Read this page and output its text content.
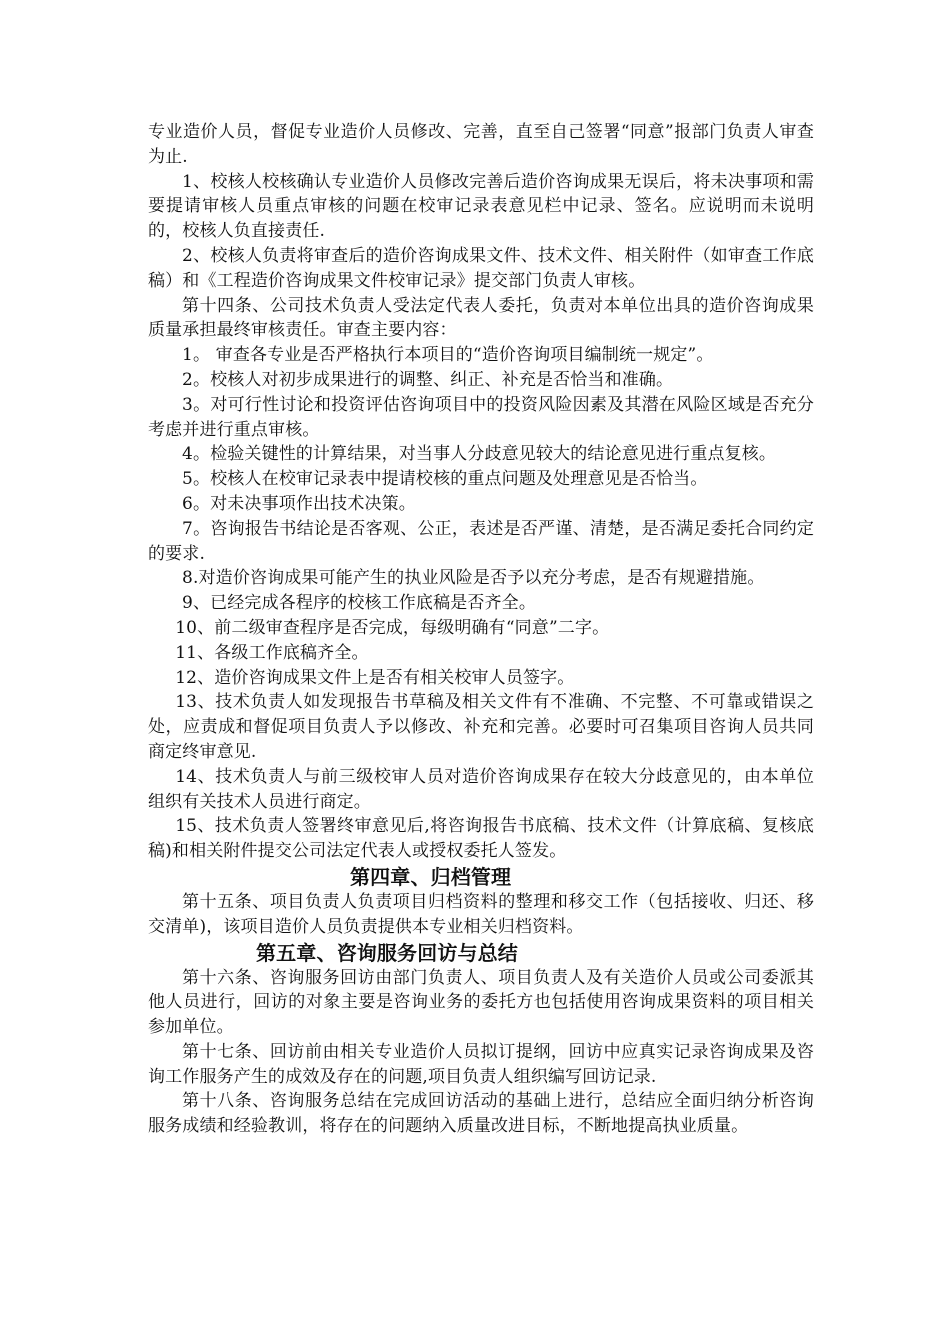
专业造价人员，督促专业造价人员修改、完善，直至自己签署“同意”报部门负责人审查为止.

1、校核人校核确认专业造价人员修改完善后造价咨询成果无误后，将未决事项和需要提请审核人员重点审核的问题在校审记录表意见栏中记录、签名。应说明而未说明的，校核人负直接责任.

2、校核人负责将审查后的造价咨询成果文件、技术文件、相关附件（如审查工作底稿）和《工程造价咨询成果文件校审记录》提交部门负责人审核。

第十四条、公司技术负责人受法定代表人委托，负责对本单位出具的造价咨询成果质量承担最终审核责任。审查主要内容：

1。 审查各专业是否严格执行本项目的“造价咨询项目编制统一规定”。

2。校核人对初步成果进行的调整、纠正、补充是否恰当和准确。

3。对可行性讨论和投资评估咨询项目中的投资风险因素及其潜在风险区域是否充分考虑并进行重点审核。

4。检验关键性的计算结果，对当事人分歧意见较大的结论意见进行重点复核。

5。校核人在校审记录表中提请校核的重点问题及处理意见是否恰当。

6。对未决事项作出技术决策。

7。咨询报告书结论是否客观、公正，表述是否严谨、清楚，是否满足委托合同约定的要求.

8.对造价咨询成果可能产生的执业风险是否予以充分考虑，是否有规避措施。

9、已经完成各程序的校核工作底稿是否齐全。

10、前二级审查程序是否完成，每级明确有“同意”二字。

11、各级工作底稿齐全。

12、造价咨询成果文件上是否有相关校审人员签字。

13、技术负责人如发现报告书草稿及相关文件有不准确、不完整、不可靠或错误之处，应责成和督促项目负责人予以修改、补充和完善。必要时可召集项目咨询人员共同商定终审意见.

14、技术负责人与前三级校审人员对造价咨询成果存在较大分歧意见的，由本单位组织有关技术人员进行商定。

15、技术负责人签署终审意见后,将咨询报告书底稿、技术文件（计算底稿、复核底稿)和相关附件提交公司法定代表人或授权委托人签发。

第四章、归档管理

第十五条、项目负责人负责项目归档资料的整理和移交工作（包括接收、归还、移交清单)，该项目造价人员负责提供本专业相关归档资料。

第五章、咨询服务回访与总结

第十六条、咨询服务回访由部门负责人、项目负责人及有关造价人员或公司委派其他人员进行，回访的对象主要是咨询业务的委托方也包括使用咨询成果资料的项目相关参加单位。

第十七条、回访前由相关专业造价人员拟订提纲，回访中应真实记录咨询成果及咨询工作服务产生的成效及存在的问题,项目负责人组织编写回访记录.

第十八条、咨询服务总结在完成回访活动的基础上进行，总结应全面归纳分析咨询服务成绩和经验教训，将存在的问题纳入质量改进目标，不断地提高执业质量。
